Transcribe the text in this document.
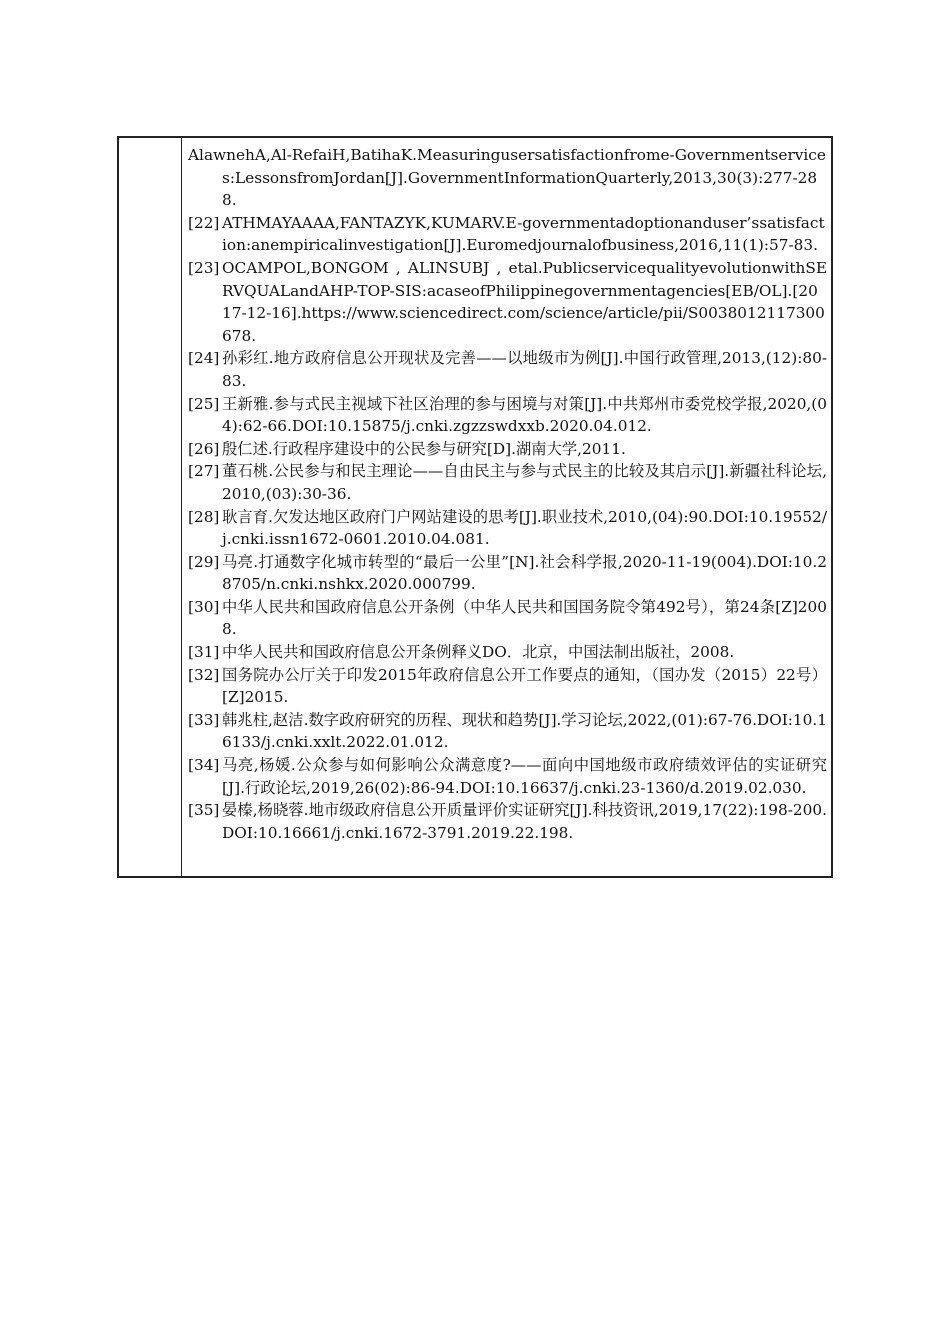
AlawnehA,Al-RefaiH,BatihaK.Measuringusersatisfactionfrome-Governmentservices:LessonsfromJordan[J].GovernmentInformationQuarterly,2013,30(3):277-288.
[22] ATHMAYAAAA,FANTAZYK,KUMARV.E-governmentadoptionanduser’ssatisfaction:anempiricalinvestigation[J].Euromedjournalofbusiness,2016,11(1):57-83.
[23] OCAMPOL,BONGOM , ALINSUBJ , etal.PublicservicequalityevolutionwithSERVQUALandAHP-TOP-SIS:acaseofPhilippinegovernmentagencies[EB/OL].[2017-12-16].https://www.sciencedirect.com/science/article/pii/S0038012117300678.
[24] 孙彩红.地方政府信息公开现状及完善——以地级市为例[J].中国行政管理,2013,(12):80-83.
[25] 王新雅.参与式民主视域下社区治理的参与困境与对策[J].中共郑州市委党校学报,2020,(04):62-66.DOI:10.15875/j.cnki.zgzzswdxxb.2020.04.012.
[26] 殷仁述.行政程序建设中的公民参与研究[D].湖南大学,2011.
[27] 董石桃.公民参与和民主理论——自由民主与参与式民主的比较及其启示[J].新疆社科论坛,2010,(03):30-36.
[28] 耿言育.欠发达地区政府门户网站建设的思考[J].职业技术,2010,(04):90.DOI:10.19552/j.cnki.issn1672-0601.2010.04.081.
[29] 马亮.打通数字化城市转型的“最后一公里”[N].社会科学报,2020-11-19(004).DOI:10.28705/n.cnki.nshkx.2020.000799.
[30] 中华人民共和国政府信息公开条例（中华人民共和国国务院令第492号），第24条[Z]2008.
[31] 中华人民共和国政府信息公开条例释义DO．北京，中国法制出版社，2008.
[32] 国务院办公厅关于印发2015年政府信息公开工作要点的通知，（国办发（2015）22号）[Z]2015.
[33] 韩兆柱,赵洁.数字政府研究的历程、现状和趋势[J].学习论坛,2022,(01):67-76.DOI:10.16133/j.cnki.xxlt.2022.01.012.
[34] 马亮,杨媛.公众参与如何影响公众满意度?——面向中国地级市政府绩效评估的实证研究[J].行政论坛,2019,26(02):86-94.DOI:10.16637/j.cnki.23-1360/d.2019.02.030.
[35] 晏榛,杨晓蓉.地市级政府信息公开质量评价实证研究[J].科技资讯,2019,17(22):198-200.DOI:10.16661/j.cnki.1672-3791.2019.22.198.
